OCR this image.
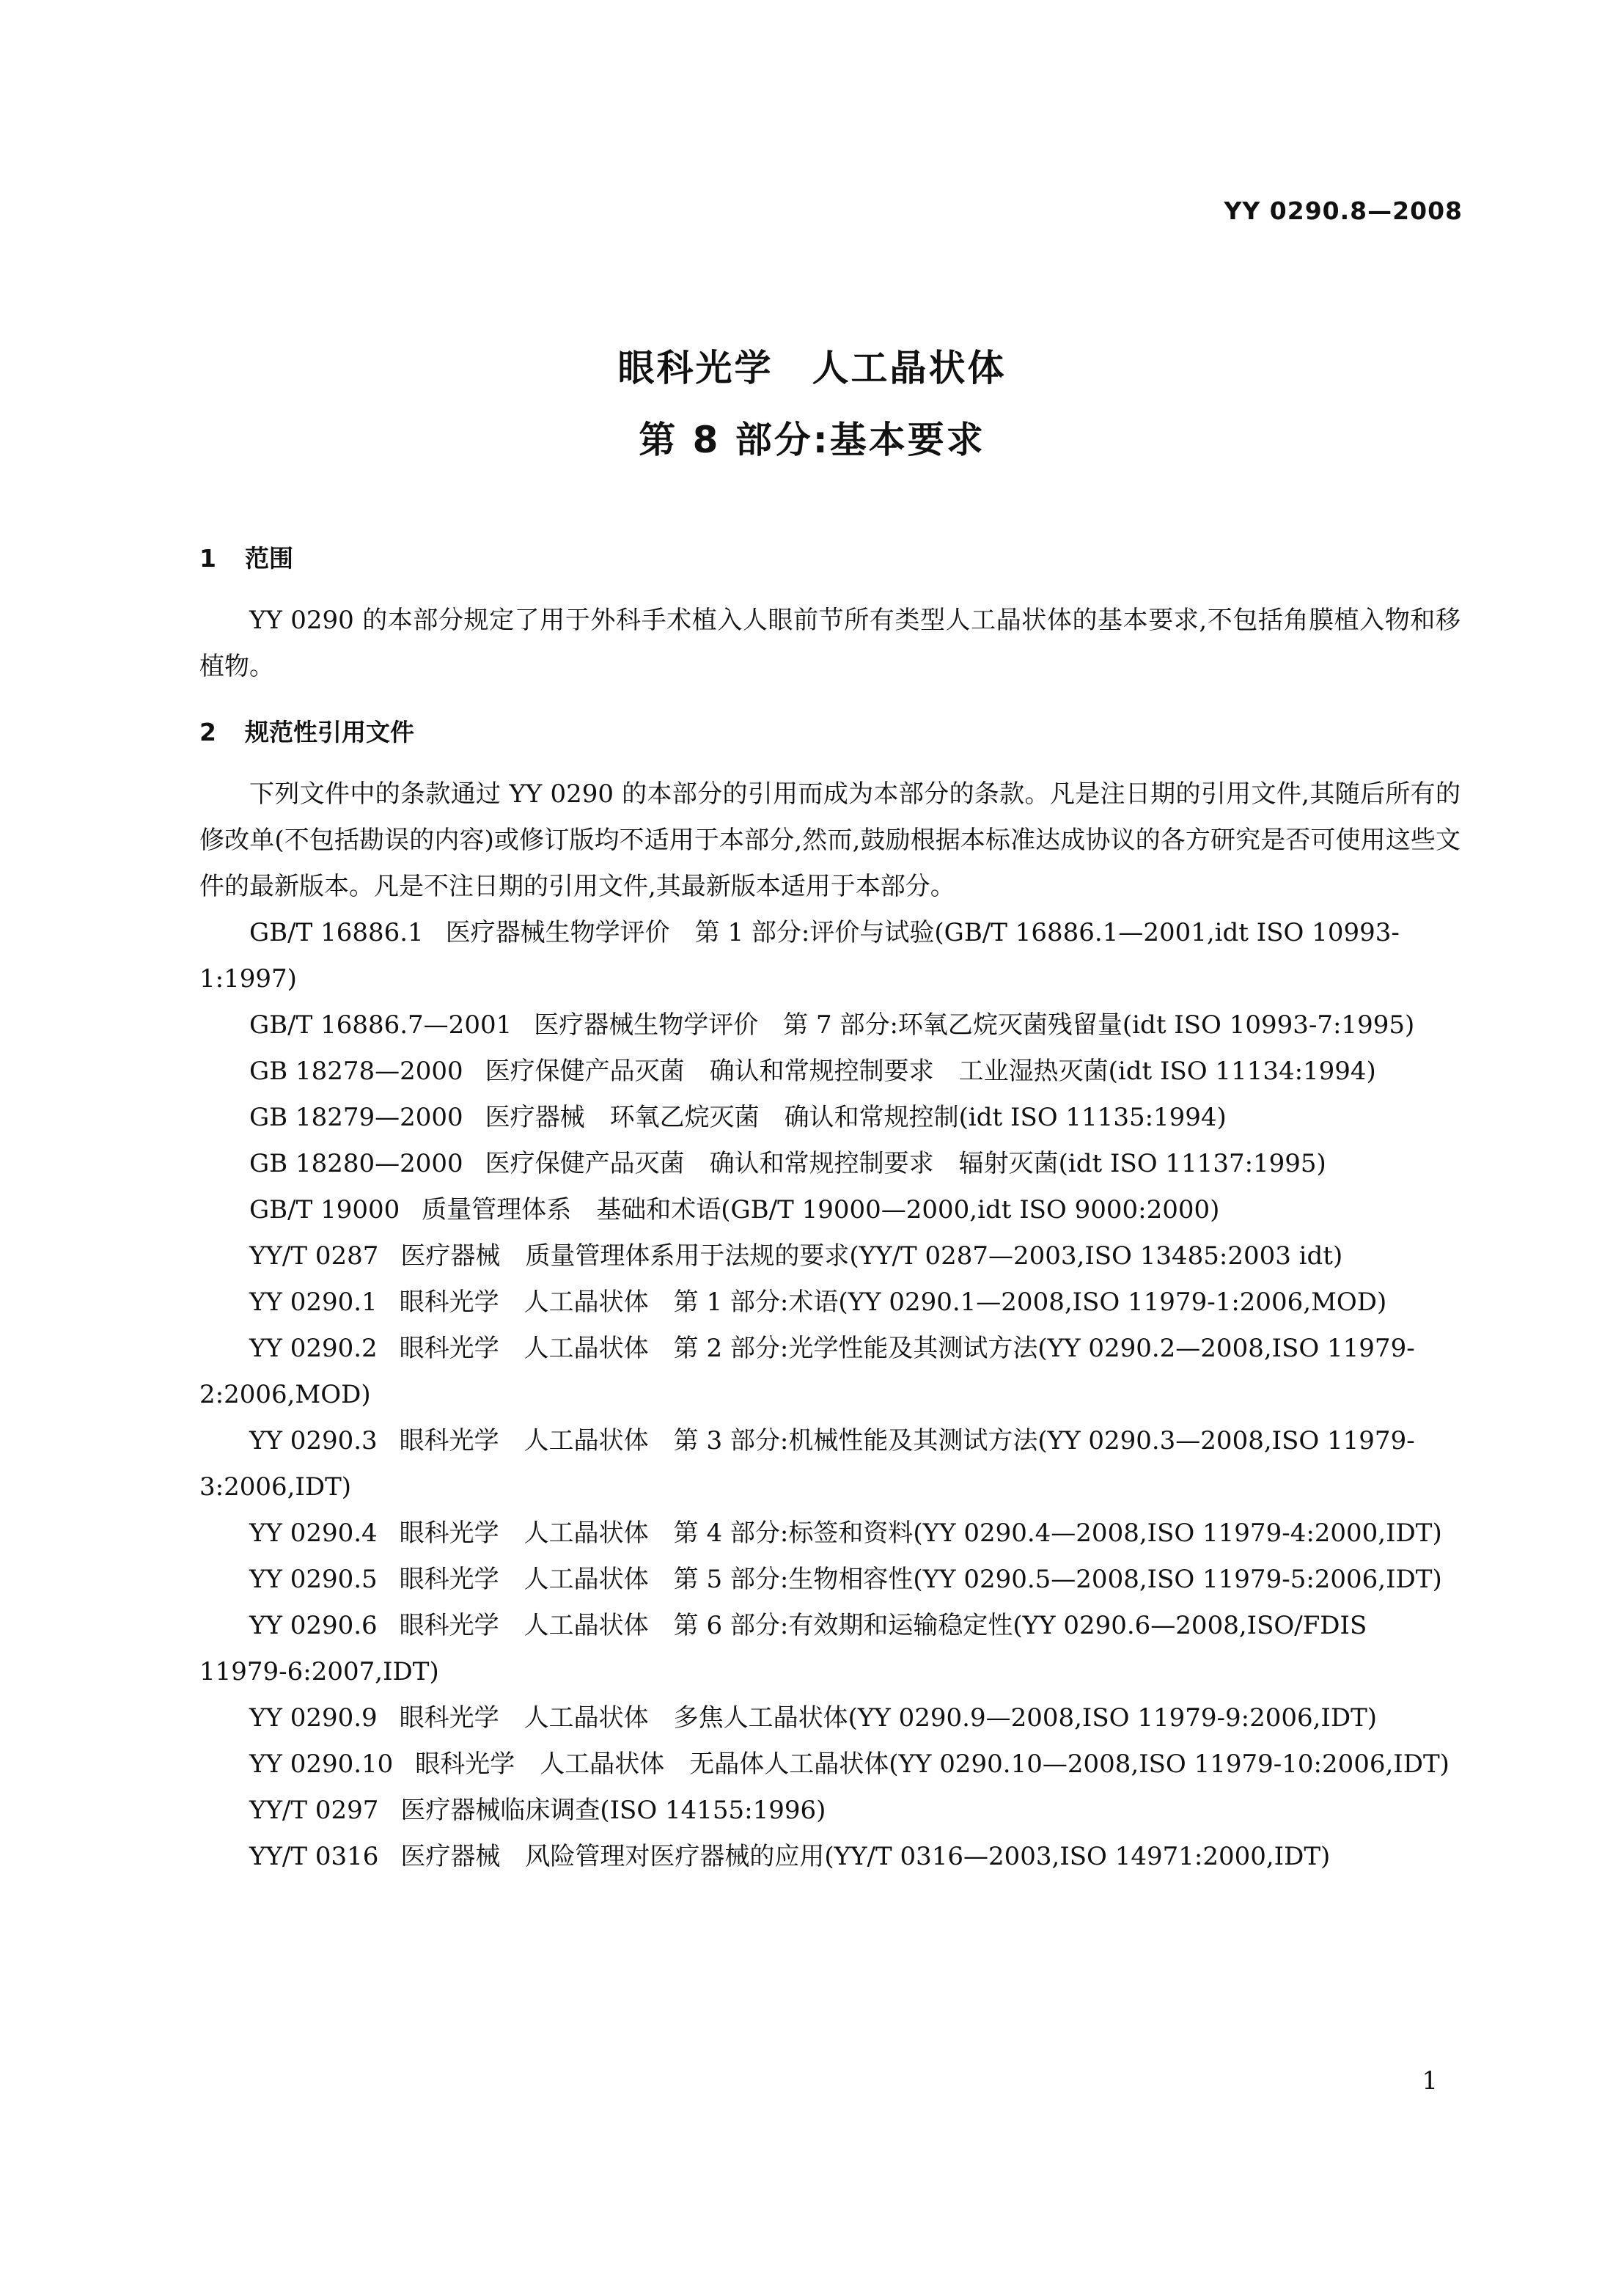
YY 0290.8—2008
眼科光学　人工晶状体
第 8 部分:基本要求
1 范围

YY 0290 的本部分规定了用于外科手术植入人眼前节所有类型人工晶状体的基本要求,不包括角膜植入物和移植物。

2 规范性引用文件

下列文件中的条款通过 YY 0290 的本部分的引用而成为本部分的条款。凡是注日期的引用文件,其随后所有的修改单(不包括勘误的内容)或修订版均不适用于本部分,然而,鼓励根据本标准达成协议的各方研究是否可使用这些文件的最新版本。凡是不注日期的引用文件,其最新版本适用于本部分。

GB/T 16886.1 医疗器械生物学评价　第 1 部分:评价与试验(GB/T 16886.1—2001,idt ISO 10993-1:1997)

GB/T 16886.7—2001 医疗器械生物学评价　第 7 部分:环氧乙烷灭菌残留量(idt ISO 10993-7:1995)

GB 18278—2000 医疗保健产品灭菌　确认和常规控制要求　工业湿热灭菌(idt ISO 11134:1994)

GB 18279—2000 医疗器械　环氧乙烷灭菌　确认和常规控制(idt ISO 11135:1994)

GB 18280—2000 医疗保健产品灭菌　确认和常规控制要求　辐射灭菌(idt ISO 11137:1995)

GB/T 19000 质量管理体系　基础和术语(GB/T 19000—2000,idt ISO 9000:2000)

YY/T 0287 医疗器械　质量管理体系用于法规的要求(YY/T 0287—2003,ISO 13485:2003 idt)

YY 0290.1 眼科光学　人工晶状体　第 1 部分:术语(YY 0290.1—2008,ISO 11979-1:2006,MOD)

YY 0290.2 眼科光学　人工晶状体　第 2 部分:光学性能及其测试方法(YY 0290.2—2008,ISO 11979-2:2006,MOD)

YY 0290.3 眼科光学　人工晶状体　第 3 部分:机械性能及其测试方法(YY 0290.3—2008,ISO 11979-3:2006,IDT)

YY 0290.4 眼科光学　人工晶状体　第 4 部分:标签和资料(YY 0290.4—2008,ISO 11979-4:2000,IDT)

YY 0290.5 眼科光学　人工晶状体　第 5 部分:生物相容性(YY 0290.5—2008,ISO 11979-5:2006,IDT)

YY 0290.6 眼科光学　人工晶状体　第 6 部分:有效期和运输稳定性(YY 0290.6—2008,ISO/FDIS 11979-6:2007,IDT)

YY 0290.9 眼科光学　人工晶状体　多焦人工晶状体(YY 0290.9—2008,ISO 11979-9:2006,IDT)

YY 0290.10 眼科光学　人工晶状体　无晶体人工晶状体(YY 0290.10—2008,ISO 11979-10:2006,IDT)

YY/T 0297 医疗器械临床调查(ISO 14155:1996)

YY/T 0316 医疗器械　风险管理对医疗器械的应用(YY/T 0316—2003,ISO 14971:2000,IDT)

1
